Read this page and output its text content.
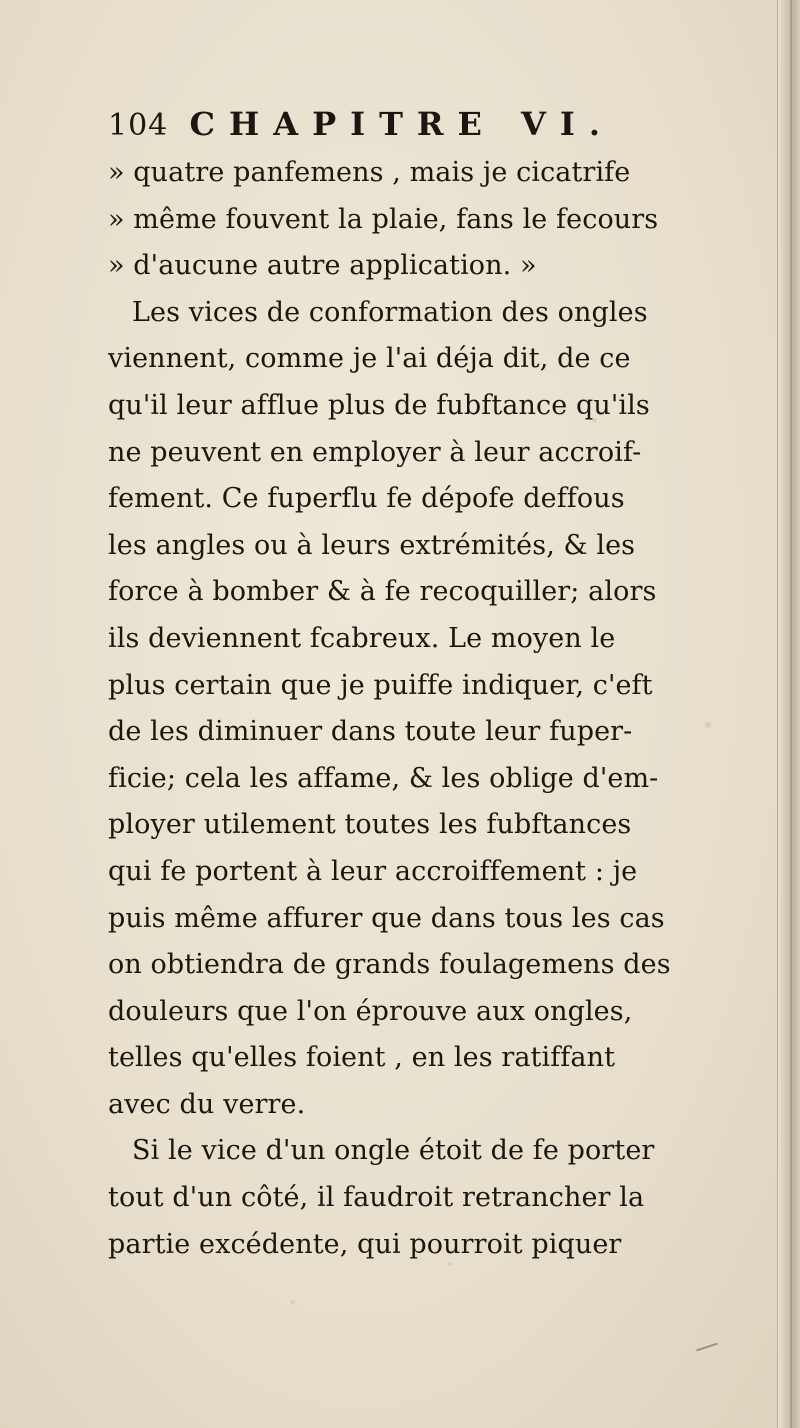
104 CHAPITRE VI.
» quatre panfemens , mais je cicatrife
» même fouvent la plaie, fans le fecours
» d'aucune autre application. »
Les vices de conformation des ongles
viennent, comme je l'ai déja dit, de ce
qu'il leur afflue plus de fubftance qu'ils
ne peuvent en employer à leur accroif-
fement. Ce fuperflu fe dépofe deffous
les angles ou à leurs extrémités, & les
force à bomber & à fe recoquiller; alors
ils deviennent fcabreux. Le moyen le
plus certain que je puiffe indiquer, c'eft
de les diminuer dans toute leur fuper-
ficie; cela les affame, & les oblige d'em-
ployer utilement toutes les fubftances
qui fe portent à leur accroiffement : je
puis même affurer que dans tous les cas
on obtiendra de grands foulagemens des
douleurs que l'on éprouve aux ongles,
telles qu'elles foient , en les ratiffant
avec du verre.
Si le vice d'un ongle étoit de fe porter
tout d'un côté, il faudroit retrancher la
partie excédente, qui pourroit piquer
